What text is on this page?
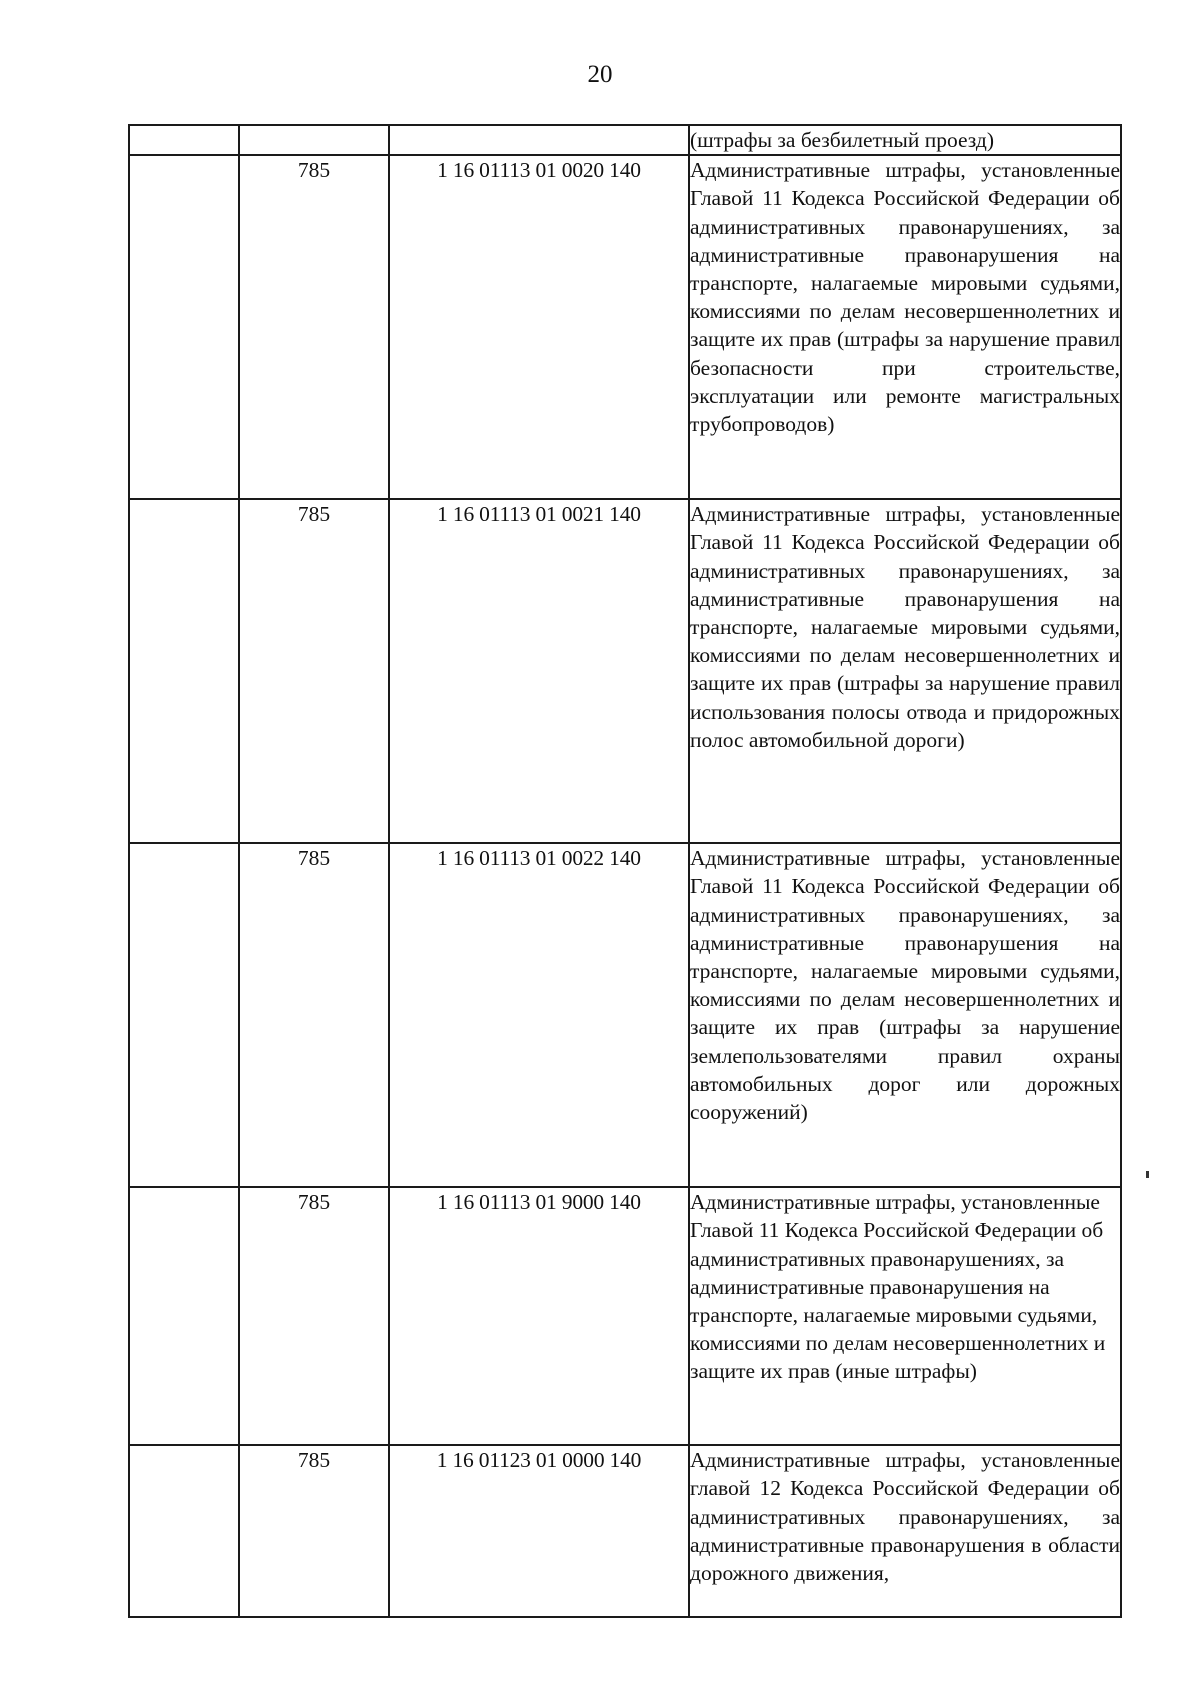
20

			(штрафы за безбилетный проезд)

	785	1 16 01113 01 0020 140	Административные штрафы, установленные Главой 11 Кодекса Российской Федерации об административных правонарушениях, за административные правонарушения на транспорте, налагаемые мировыми судьями, комиссиями по делам несовершеннолетних и защите их прав (штрафы за нарушение правил безопасности при строительстве, эксплуатации или ремонте магистральных трубопроводов)

	785	1 16 01113 01 0021 140	Административные штрафы, установленные Главой 11 Кодекса Российской Федерации об административных правонарушениях, за административные правонарушения на транспорте, налагаемые мировыми судьями, комиссиями по делам несовершеннолетних и защите их прав (штрафы за нарушение правил использования полосы отвода и придорожных полос автомобильной дороги)

	785	1 16 01113 01 0022 140	Административные штрафы, установленные Главой 11 Кодекса Российской Федерации об административных правонарушениях, за административные правонарушения на транспорте, налагаемые мировыми судьями, комиссиями по делам несовершеннолетних и защите их прав (штрафы за нарушение землепользователями правил охраны автомобильных дорог или дорожных сооружений)

	785	1 16 01113 01 9000 140	Административные штрафы, установленные Главой 11 Кодекса Российской Федерации об административных правонарушениях, за административные правонарушения на транспорте, налагаемые мировыми судьями, комиссиями по делам несовершеннолетних и защите их прав (иные штрафы)

	785	1 16 01123 01 0000 140	Административные штрафы, установленные главой 12 Кодекса Российской Федерации об административных правонарушениях, за административные правонарушения в области дорожного движения,
